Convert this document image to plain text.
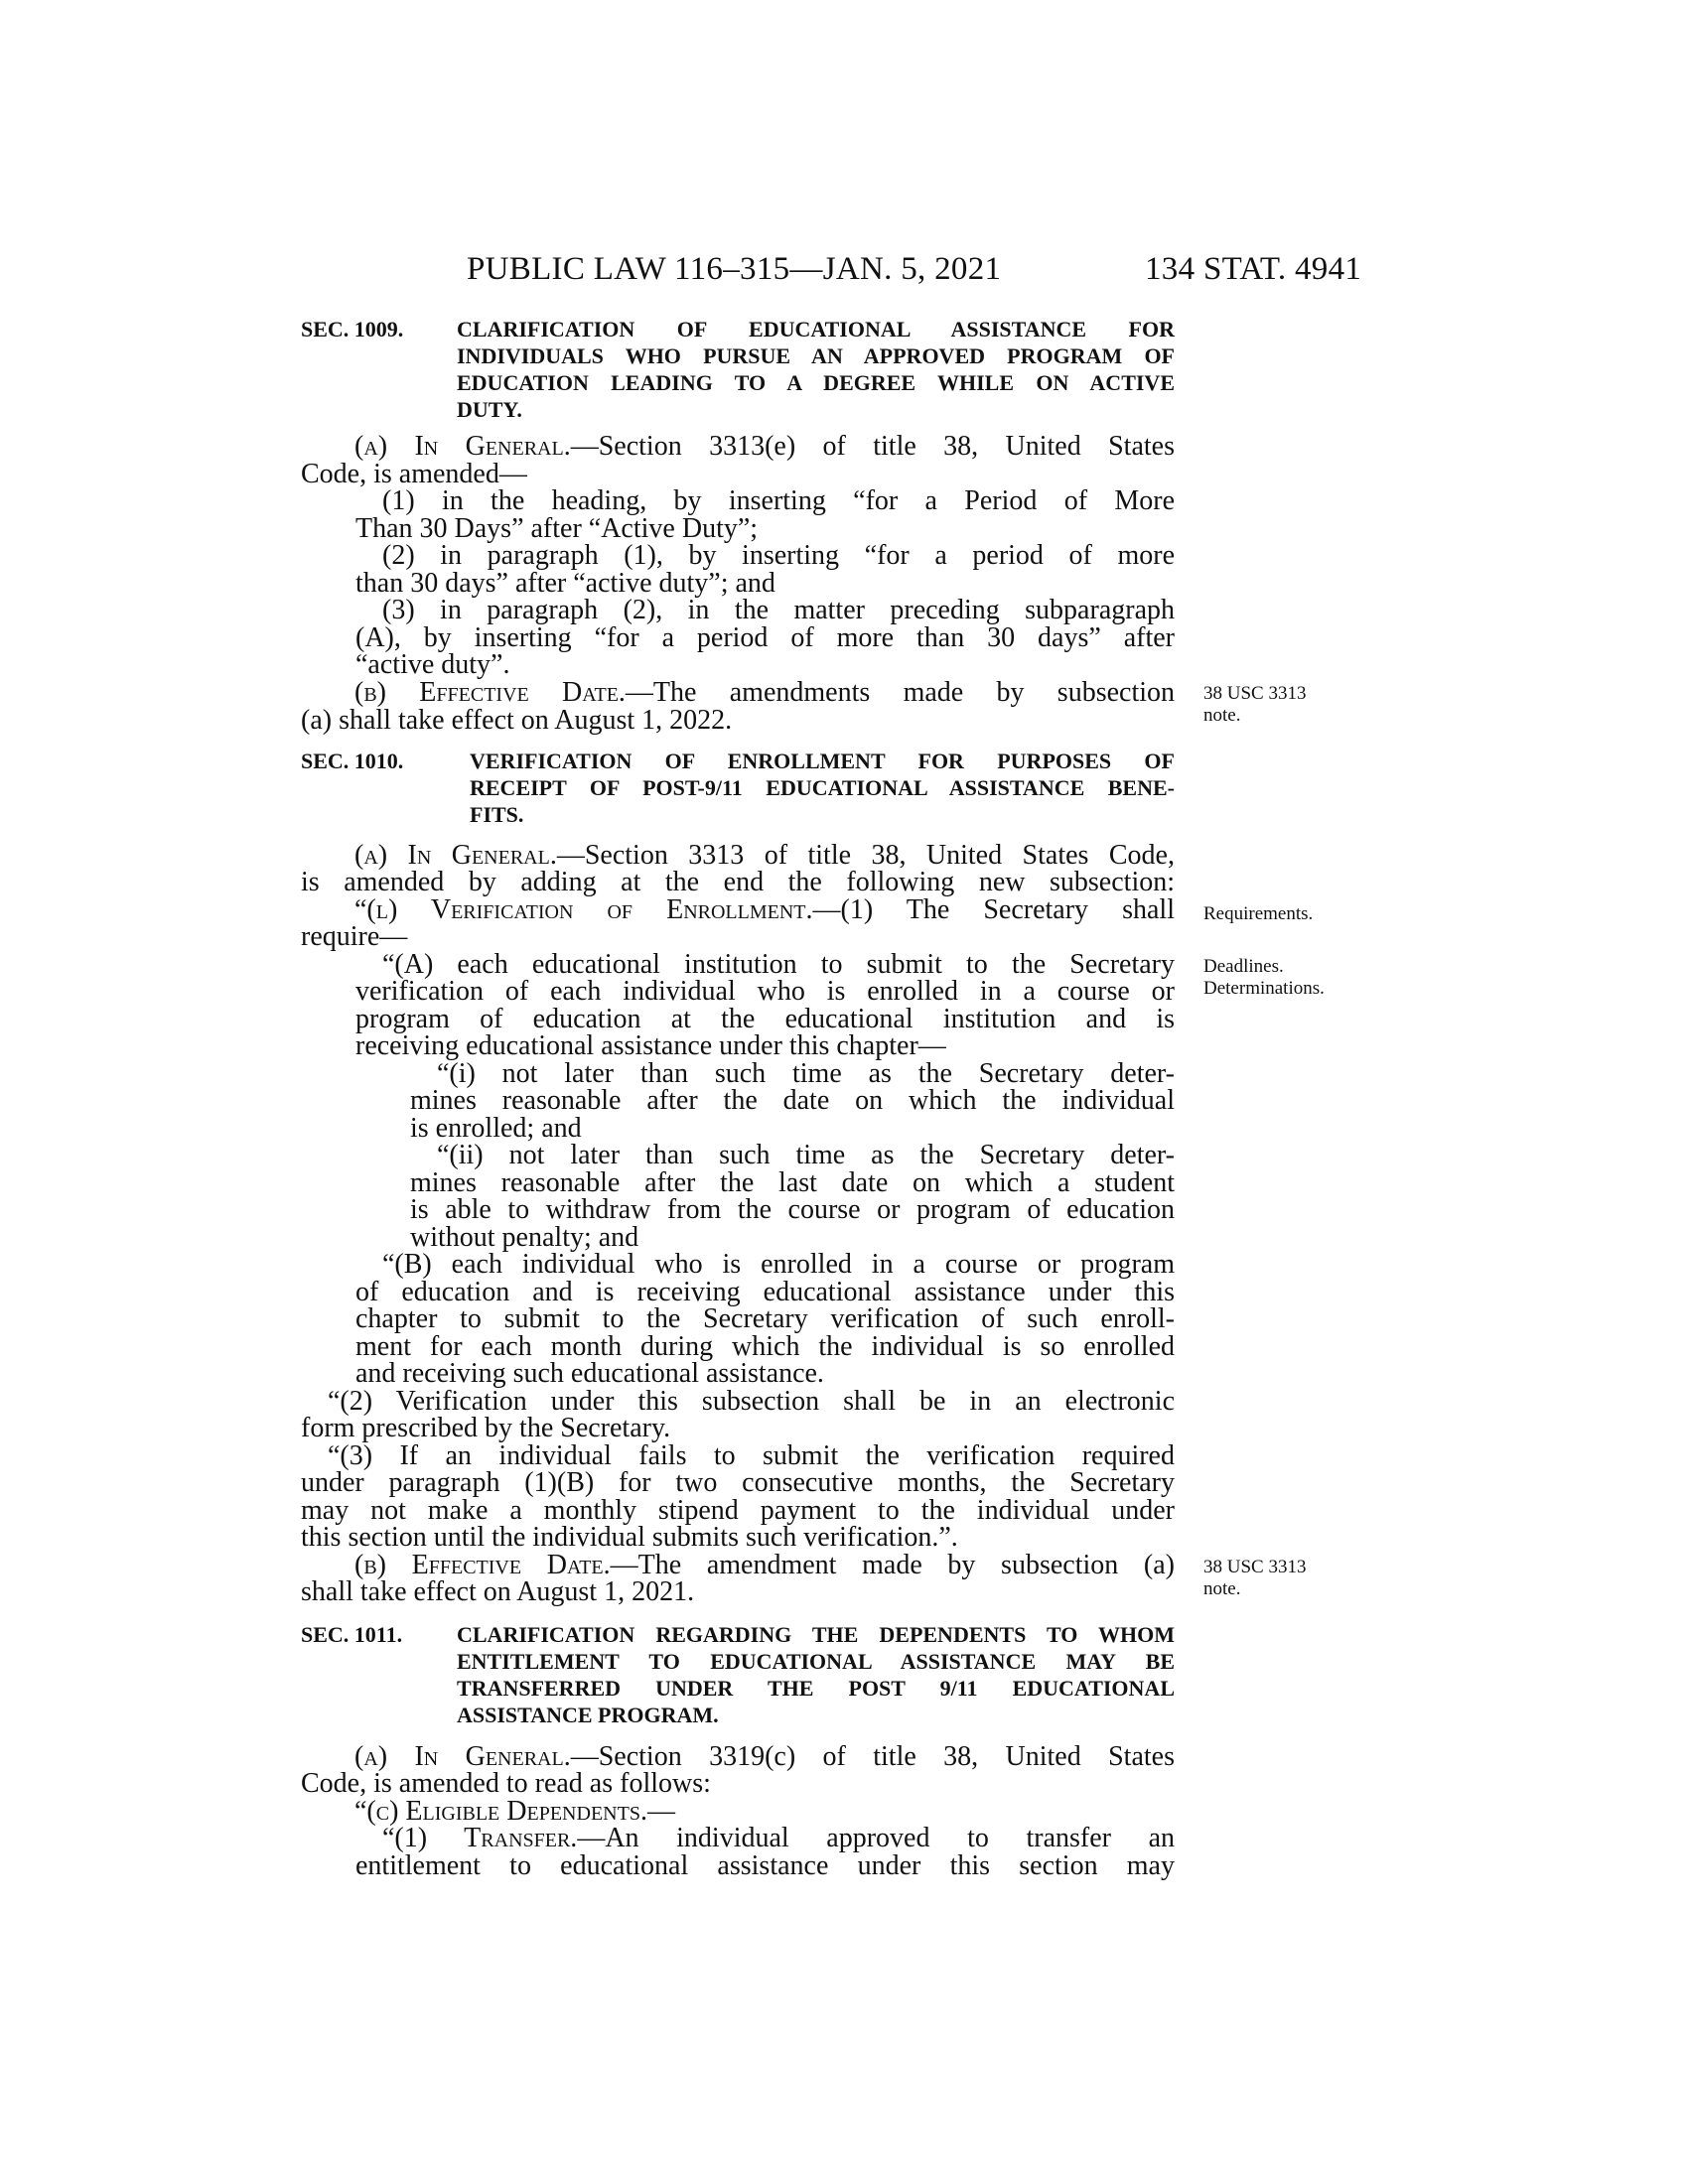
PUBLIC LAW 116–315—JAN. 5, 2021	134 STAT. 4941
SEC. 1009. CLARIFICATION OF EDUCATIONAL ASSISTANCE FOR
INDIVIDUALS WHO PURSUE AN APPROVED PROGRAM OF
EDUCATION LEADING TO A DEGREE WHILE ON ACTIVE
DUTY.
(a) In General.—Section 3313(e) of title 38, United States
Code, is amended—
(1) in the heading, by inserting “for a Period of More
Than 30 Days” after “Active Duty”;
(2) in paragraph (1), by inserting “for a period of more
than 30 days” after “active duty”; and
(3) in paragraph (2), in the matter preceding subparagraph
(A), by inserting “for a period of more than 30 days” after
“active duty”.
(b) Effective Date.—The amendments made by subsection
(a) shall take effect on August 1, 2022.
38 USC 3313
note.
SEC. 1010.	VERIFICATION OF ENROLLMENT FOR PURPOSES OF
RECEIPT OF POST-9/11 EDUCATIONAL ASSISTANCE BENE-
FITS.
(a) In General.—Section 3313 of title 38, United States Code,
is amended by adding at the end the following new subsection:
“(l) Verification of Enrollment.—(1) The Secretary shall
require—
“(A) each educational institution to submit to the Secretary
verification of each individual who is enrolled in a course or
program of education at the educational institution and is
receiving educational assistance under this chapter—
“(i) not later than such time as the Secretary deter-
mines reasonable after the date on which the individual
is enrolled; and
“(ii) not later than such time as the Secretary deter-
mines reasonable after the last date on which a student
is able to withdraw from the course or program of education
without penalty; and
“(B) each individual who is enrolled in a course or program
of education and is receiving educational assistance under this
chapter to submit to the Secretary verification of such enroll-
ment for each month during which the individual is so enrolled
and receiving such educational assistance.
“(2) Verification under this subsection shall be in an electronic
form prescribed by the Secretary.
“(3) If an individual fails to submit the verification required
under paragraph (1)(B) for two consecutive months, the Secretary
may not make a monthly stipend payment to the individual under
this section until the individual submits such verification.”.
(b) Effective Date.—The amendment made by subsection (a)
shall take effect on August 1, 2021.
Requirements.
Deadlines.
Determinations.
38 USC 3313
note.
SEC. 1011. CLARIFICATION REGARDING THE DEPENDENTS TO WHOM
ENTITLEMENT TO EDUCATIONAL ASSISTANCE MAY BE
TRANSFERRED UNDER THE POST 9/11 EDUCATIONAL
ASSISTANCE PROGRAM.
(a) In General.—Section 3319(c) of title 38, United States
Code, is amended to read as follows:
“(c) Eligible Dependents.—
“(1) Transfer.—An individual approved to transfer an
entitlement to educational assistance under this section may
